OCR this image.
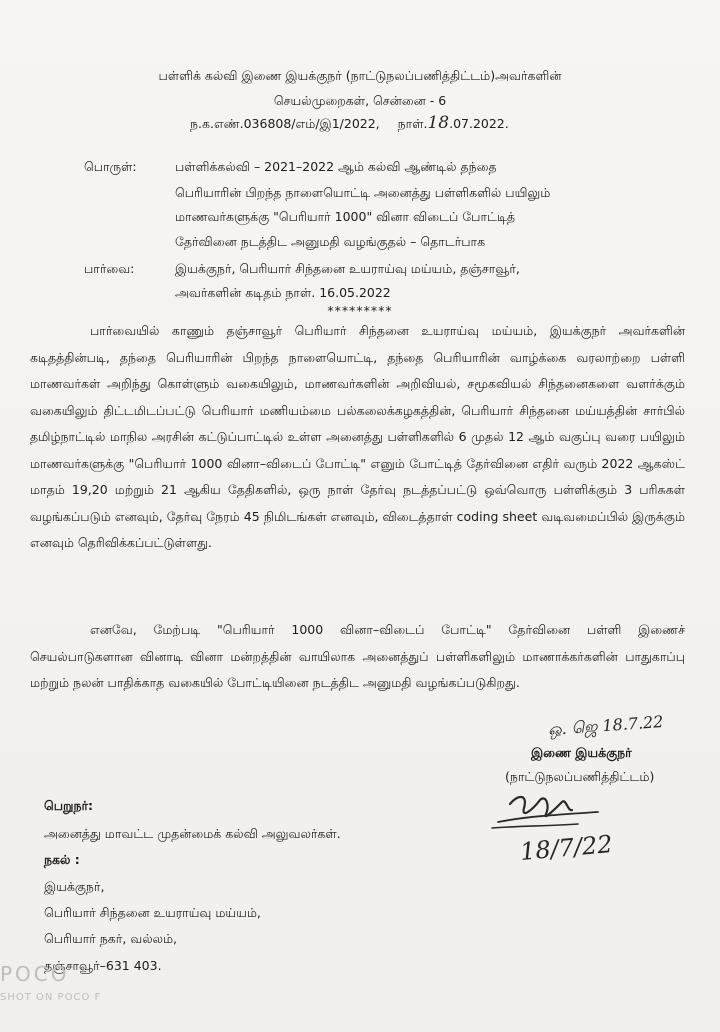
பள்ளிக் கல்வி இணை இயக்குநர் (நாட்டுநலப்பணித்திட்டம்)அவர்களின்
செயல்முறைகள், சென்னை - 6
ந.க.எண்.036808/எம்/இ1/2022, நாள்.18.07.2022.
பொருள்:	பள்ளிக்கல்வி – 2021–2022 ஆம் கல்வி ஆண்டில் தந்தை
பெரியாரின் பிறந்த நாளையொட்டி அனைத்து பள்ளிகளில் பயிலும்
மாணவர்களுக்கு "பெரியார் 1000" வினா விடைப் போட்டித்
தேர்வினை நடத்திட அனுமதி வழங்குதல் – தொடர்பாக
பார்வை:	இயக்குநர், பெரியார் சிந்தனை உயராய்வு மய்யம், தஞ்சாவூர்,
அவர்களின் கடிதம் நாள். 16.05.2022
*********
பார்வையில் காணும் தஞ்சாவூர் பெரியார் சிந்தனை உயராய்வு மய்யம், இயக்குநர் அவர்களின் கடிதத்தின்படி, தந்தை பெரியாரின் பிறந்த நாளையொட்டி, தந்தை பெரியாரின் வாழ்க்கை வரலாற்றை பள்ளி மாணவர்கள் அறிந்து கொள்ளும் வகையிலும், மாணவர்களின் அறிவியல், சமூகவியல் சிந்தனைகளை வளர்க்கும் வகையிலும் திட்டமிடப்பட்டு பெரியார் மணியம்மை பல்கலைக்கழகத்தின், பெரியார் சிந்தனை மய்யத்தின் சார்பில் தமிழ்நாட்டில் மாநில அரசின் கட்டுப்பாட்டில் உள்ள அனைத்து பள்ளிகளில் 6 முதல் 12 ஆம் வகுப்பு வரை பயிலும் மாணவர்களுக்கு "பெரியார் 1000 வினா–விடைப் போட்டி" எனும் போட்டித் தேர்வினை எதிர் வரும் 2022 ஆகஸ்ட் மாதம் 19,20 மற்றும் 21 ஆகிய தேதிகளில், ஒரு நாள் தேர்வு நடத்தப்பட்டு ஒவ்வொரு பள்ளிக்கும் 3 பரிசுகள் வழங்கப்படும் எனவும், தேர்வு நேரம் 45 நிமிடங்கள் எனவும், விடைத்தாள் coding sheet வடிவமைப்பில் இருக்கும் எனவும் தெரிவிக்கப்பட்டுள்ளது.
எனவே, மேற்படி "பெரியார் 1000 வினா–விடைப் போட்டி" தேர்வினை பள்ளி இணைச் செயல்பாடுகளான வினாடி வினா மன்றத்தின் வாயிலாக அனைத்துப் பள்ளிகளிலும் மாணாக்கர்களின் பாதுகாப்பு மற்றும் நலன் பாதிக்காத வகையில் போட்டியினை நடத்திட அனுமதி வழங்கப்படுகிறது.
ஒ. ஜெ 18.7.22
இணை இயக்குநர்
(நாட்டுநலப்பணித்திட்டம்)
18/7/22
பெறுநர்:
அனைத்து மாவட்ட முதன்மைக் கல்வி அலுவலர்கள்.
நகல் :
இயக்குநர்,
பெரியார் சிந்தனை உயராய்வு மய்யம்,
பெரியார் நகர், வல்லம்,
தஞ்சாவூர்–631 403.
POCO
SHOT ON POCO F
